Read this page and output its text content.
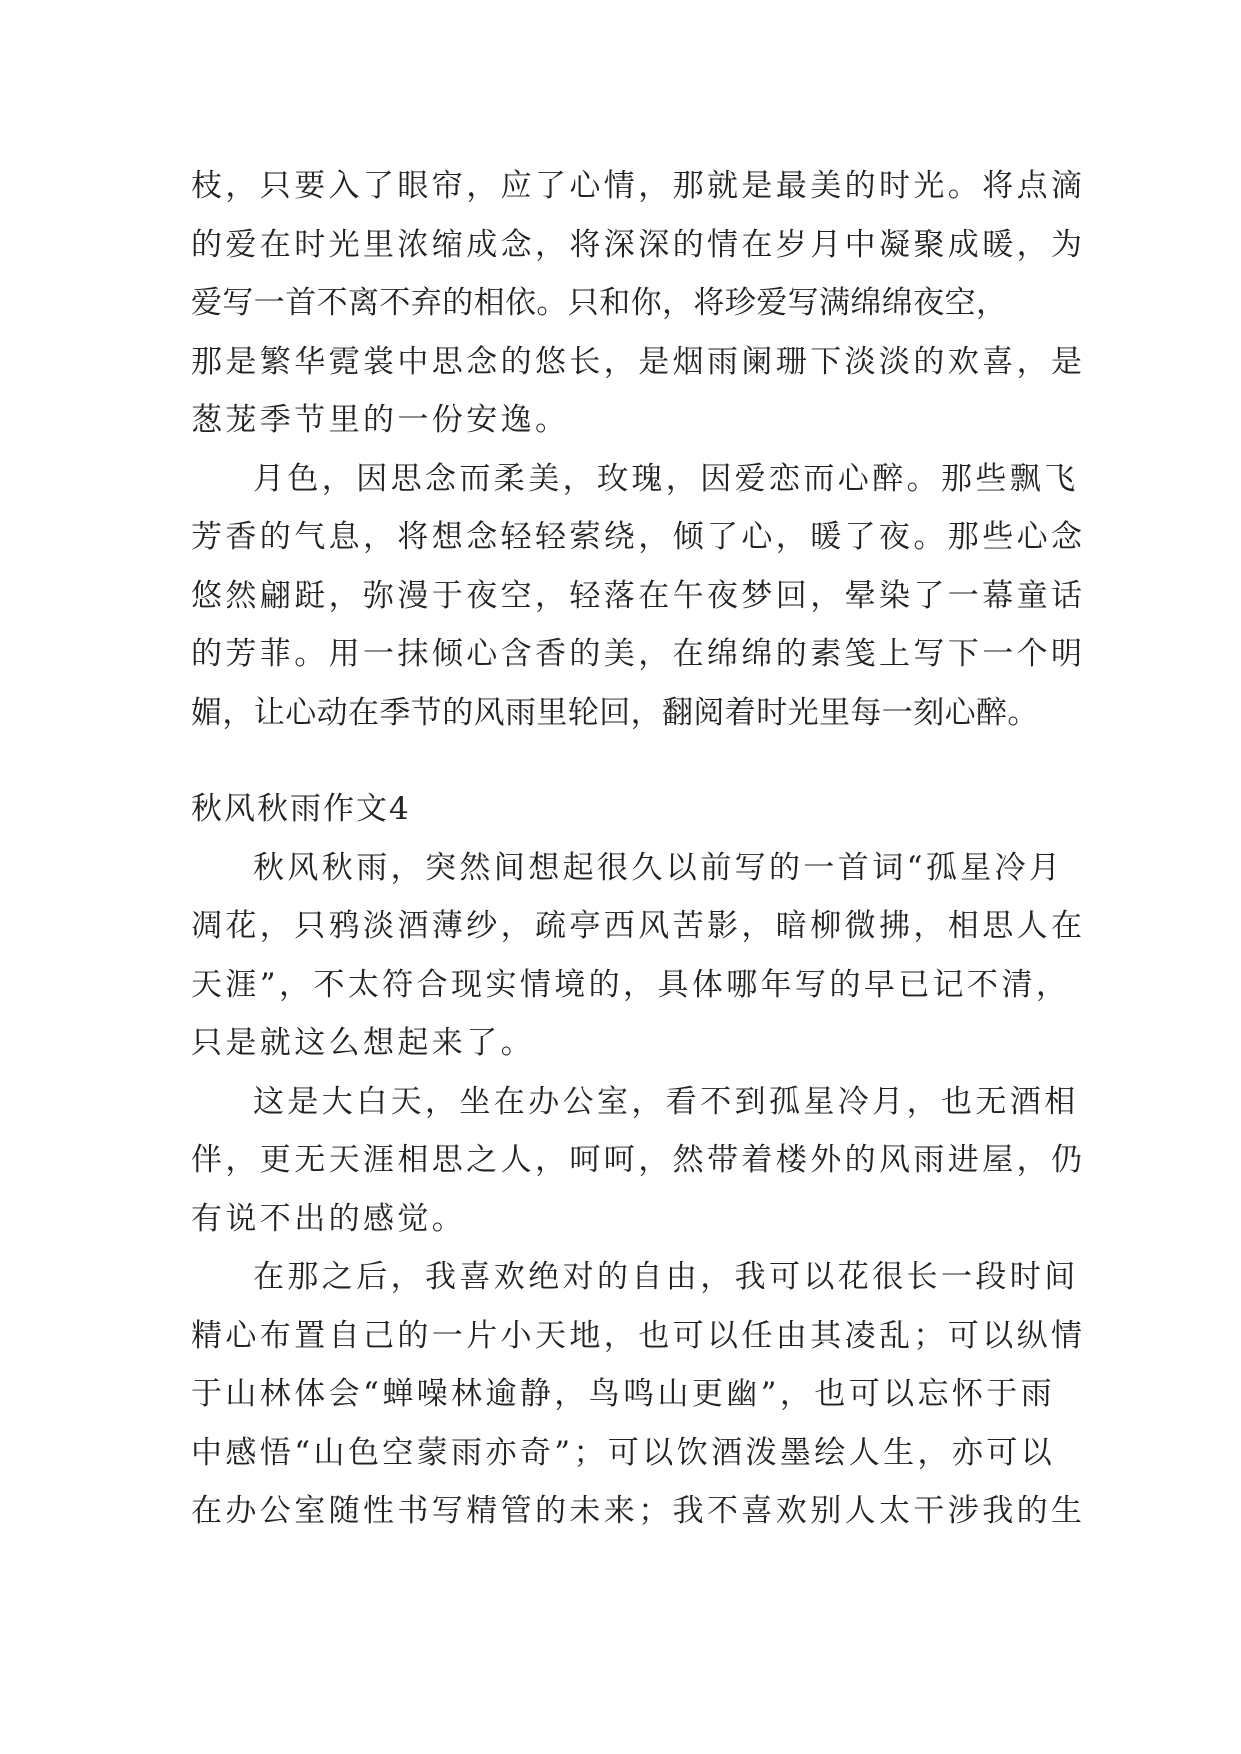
枝，只要入了眼帘，应了心情，那就是最美的时光。将点滴
的爱在时光里浓缩成念，将深深的情在岁月中凝聚成暖，为
爱写一首不离不弃的相依。只和你，将珍爱写满绵绵夜空，
那是繁华霓裳中思念的悠长，是烟雨阑珊下淡淡的欢喜，是
葱茏季节里的一份安逸。
月色，因思念而柔美，玫瑰，因爱恋而心醉。那些飘飞
芳香的气息，将想念轻轻萦绕，倾了心，暖了夜。那些心念
悠然翩跹，弥漫于夜空，轻落在午夜梦回，晕染了一幕童话
的芳菲。用一抹倾心含香的美，在绵绵的素笺上写下一个明
媚，让心动在季节的风雨里轮回，翻阅着时光里每一刻心醉。
秋风秋雨作文4
秋风秋雨，突然间想起很久以前写的一首词“孤星冷月
凋花，只鸦淡酒薄纱，疏亭西风苦影，暗柳微拂，相思人在
天涯”，不太符合现实情境的，具体哪年写的早已记不清，
只是就这么想起来了。
这是大白天，坐在办公室，看不到孤星冷月，也无酒相
伴，更无天涯相思之人，呵呵，然带着楼外的风雨进屋，仍
有说不出的感觉。
在那之后，我喜欢绝对的自由，我可以花很长一段时间
精心布置自己的一片小天地，也可以任由其凌乱；可以纵情
于山林体会“蝉噪林逾静，鸟鸣山更幽”，也可以忘怀于雨
中感悟“山色空蒙雨亦奇”；可以饮酒泼墨绘人生，亦可以
在办公室随性书写精管的未来；我不喜欢别人太干涉我的生
